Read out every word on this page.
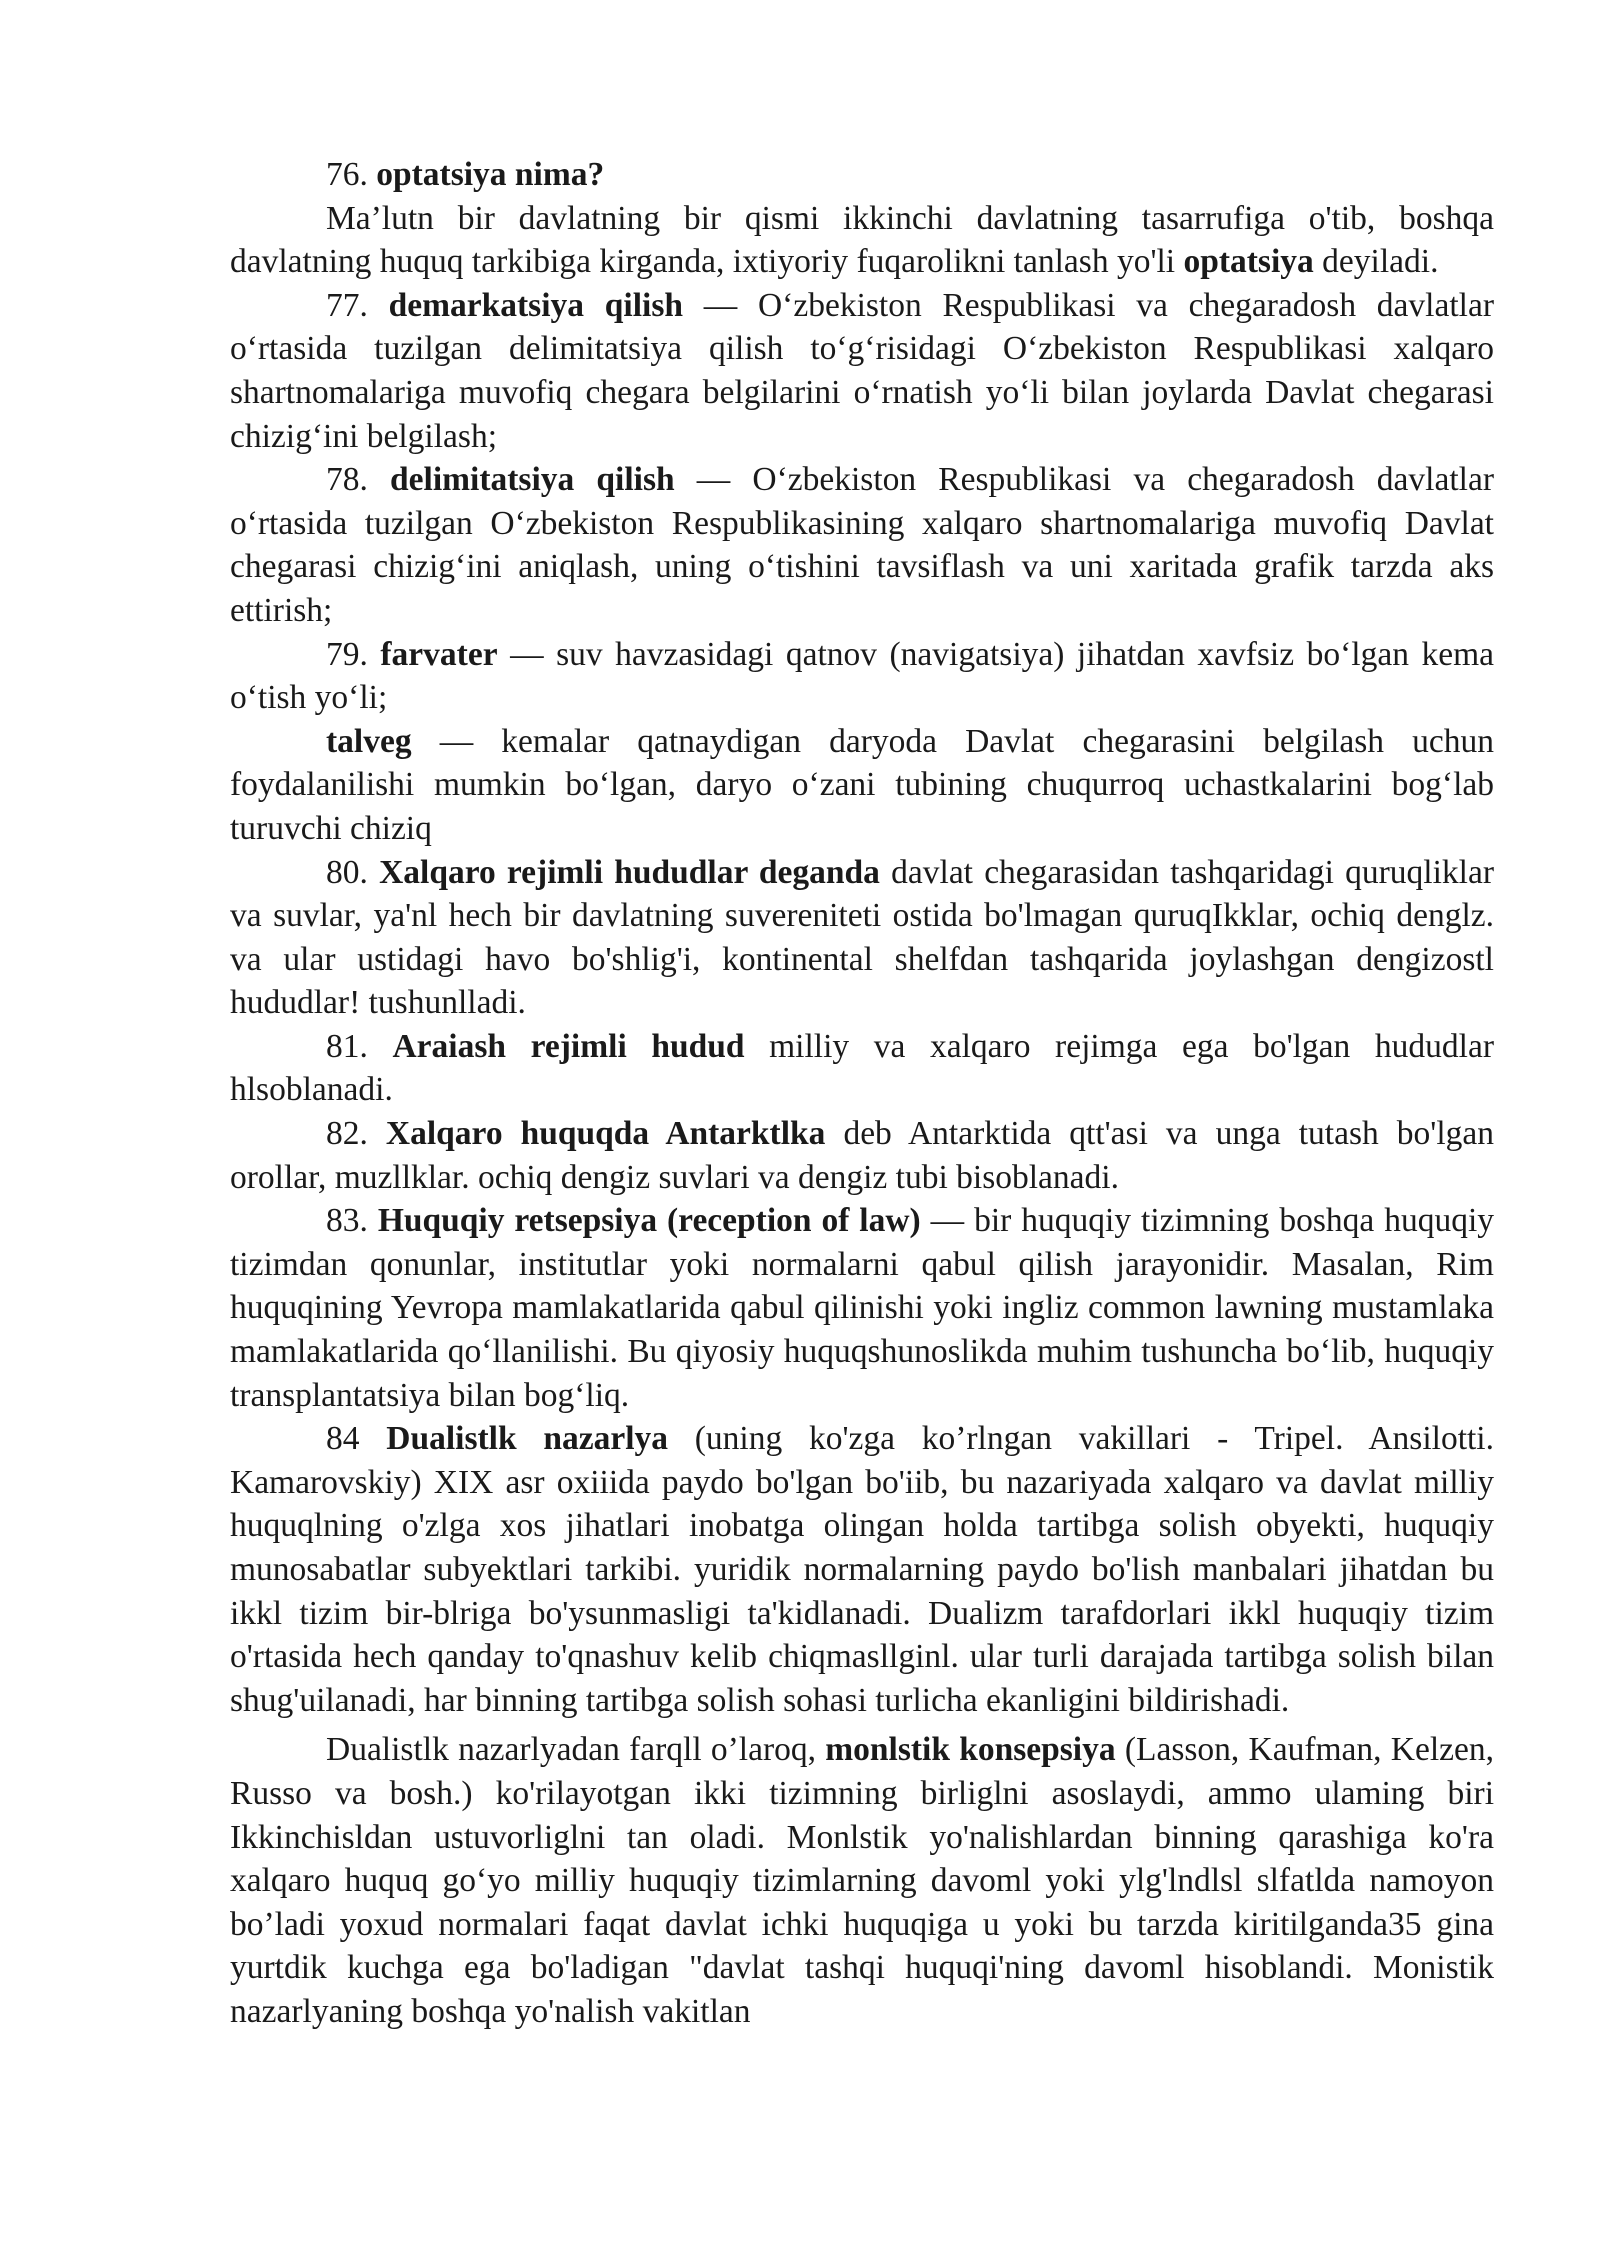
76. optatsiya nima?

Ma’lutn bir davlatning bir qismi ikkinchi davlatning tasarrufiga o'tib, boshqa davlatning huquq tarkibiga kirganda, ixtiyoriy fuqarolikni tanlash yo'li optatsiya deyiladi.

77. demarkatsiya qilish — O‘zbekiston Respublikasi va chegaradosh davlatlar o‘rtasida tuzilgan delimitatsiya qilish to‘g‘risidagi O‘zbekiston Respublikasi xalqaro shartnomalariga muvofiq chegara belgilarini o‘rnatish yo‘li bilan joylarda Davlat chegarasi chizig‘ini belgilash;

78. delimitatsiya qilish — O‘zbekiston Respublikasi va chegaradosh davlatlar o‘rtasida tuzilgan O‘zbekiston Respublikasining xalqaro shartnomalariga muvofiq Davlat chegarasi chizig‘ini aniqlash, uning o‘tishini tavsiflash va uni xaritada grafik tarzda aks ettirish;

79. farvater — suv havzasidagi qatnov (navigatsiya) jihatdan xavfsiz bo‘lgan kema o‘tish yo‘li;

talveg — kemalar qatnaydigan daryoda Davlat chegarasini belgilash uchun foydalanilishi mumkin bo‘lgan, daryo o‘zani tubining chuqurroq uchastkalarini bog‘lab turuvchi chiziq

80. Xalqaro rejimli hududlar deganda davlat chegarasidan tashqaridagi quruqliklar va suvlar, ya'nl hech bir davlatning suvereniteti ostida bo'lmagan quruqIkklar, ochiq denglz. va ular ustidagi havo bo'shlig'i, kontinental shelfdan tashqarida joylashgan dengizostl hududlar! tushunlladi.

81. Araiash rejimli hudud milliy va xalqaro rejimga ega bo'lgan hududlar hlsoblanadi.

82. Xalqaro huquqda Antarktlka deb Antarktida qtt'asi va unga tutash bo'lgan orollar, muzllklar. ochiq dengiz suvlari va dengiz tubi bisoblanadi.

83. Huquqiy retsepsiya (reception of law) — bir huquqiy tizimning boshqa huquqiy tizimdan qonunlar, institutlar yoki normalarni qabul qilish jarayonidir. Masalan, Rim huquqining Yevropa mamlakatlarida qabul qilinishi yoki ingliz common lawning mustamlaka mamlakatlarida qo‘llanilishi. Bu qiyosiy huquqshunoslikda muhim tushuncha bo‘lib, huquqiy transplantatsiya bilan bog‘liq.

84 Dualistlk nazarlya (uning ko'zga ko’rlngan vakillari - Tripel. Ansilotti. Kamarovskiy) XIX asr oxiiida paydo bo'lgan bo'iib, bu nazariyada xalqaro va davlat milliy huquqlning o'zlga xos jihatlari inobatga olingan holda tartibga solish obyekti, huquqiy munosabatlar subyektlari tarkibi. yuridik normalarning paydo bo'lish manbalari jihatdan bu ikkl tizim bir-blriga bo'ysunmasligi ta'kidlanadi. Dualizm tarafdorlari ikkl huquqiy tizim o'rtasida hech qanday to'qnashuv kelib chiqmasllginl. ular turli darajada tartibga solish bilan shug'uilanadi, har binning tartibga solish sohasi turlicha ekanligini bildirishadi.

Dualistlk nazarlyadan farqll o’laroq, monlstik konsepsiya (Lasson, Kaufman, Kelzen, Russo va bosh.) ko'rilayotgan ikki tizimning birliglni asoslaydi, ammo ulaming biri Ikkinchisldan ustuvorliglni tan oladi. Monlstik yo'nalishlardan binning qarashiga ko'ra xalqaro huquq go‘yo milliy huquqiy tizimlarning davoml yoki ylg'lndlsl slfatlda namoyon bo’ladi yoxud normalari faqat davlat ichki huquqiga u yoki bu tarzda kiritilganda35 gina yurtdik kuchga ega bo'ladigan "davlat tashqi huquqi'ning davoml hisoblandi. Monistik nazarlyaning boshqa yo'nalish vakitlan
